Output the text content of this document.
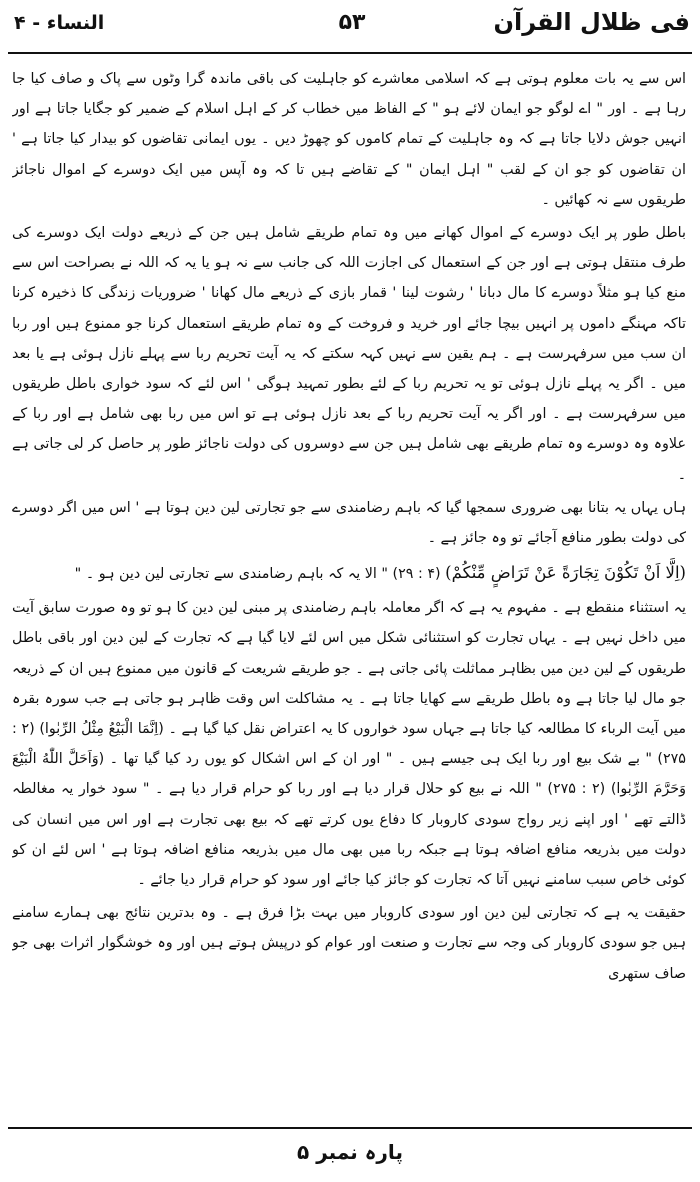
فی ظلال القرآن
۵۳
النساء - ۴

اس سے یہ بات معلوم ہوتی ہے کہ اسلامی معاشرے کو جاہلیت کی باقی ماندہ گرا وٹوں سے پاک و صاف کیا جا رہا ہے ۔ اور " اے لوگو جو ایمان لائے ہو " کے الفاظ میں خطاب کر کے اہل اسلام کے ضمیر کو جگایا جاتا ہے اور انہیں جوش دلایا جاتا ہے کہ وہ جاہلیت کے تمام کاموں کو چھوڑ دیں ۔ یوں ایمانی تقاضوں کو بیدار کیا جاتا ہے ' ان تقاضوں کو جو ان کے لقب " اہل ایمان " کے تقاضے ہیں تا کہ وہ آپس میں ایک دوسرے کے اموال ناجائز طریقوں سے نہ کھائیں ۔

باطل طور پر ایک دوسرے کے اموال کھانے میں وہ تمام طریقے شامل ہیں جن کے ذریعے دولت ایک دوسرے کی طرف منتقل ہوتی ہے اور جن کے استعمال کی اجازت اللہ کی جانب سے نہ ہو یا یہ کہ اللہ نے بصراحت اس سے منع کیا ہو مثلاً دوسرے کا مال دبانا ' رشوت لینا ' قمار بازی کے ذریعے مال کھانا ' ضروریات زندگی کا ذخیرہ کرنا تاکہ مہنگے داموں پر انہیں بیچا جائے اور خرید و فروخت کے وہ تمام طریقے استعمال کرنا جو ممنوع ہیں اور ربا ان سب میں سرفہرست ہے ۔ ہم یقین سے نہیں کہہ سکتے کہ یہ آیت تحریم ربا سے پہلے نازل ہوئی ہے یا بعد میں ۔ اگر یہ پہلے نازل ہوئی تو یہ تحریم ربا کے لئے بطور تمہید ہوگی ' اس لئے کہ سود خواری باطل طریقوں میں سرفہرست ہے ۔ اور اگر یہ آیت تحریم ربا کے بعد نازل ہوئی ہے تو اس میں ربا بھی شامل ہے اور ربا کے علاوہ وہ دوسرے وہ تمام طریقے بھی شامل ہیں جن سے دوسروں کی دولت ناجائز طور پر حاصل کر لی جاتی ہے ۔

ہاں یہاں یہ بتانا بھی ضروری سمجھا گیا کہ باہم رضامندی سے جو تجارتی لین دین ہوتا ہے ' اس میں اگر دوسرے کی دولت بطور منافع آجائے تو وہ جائز ہے ۔

(اِلَّا اَنْ تَكُوْنَ تِجَارَةً عَنْ تَرَاضٍ مِّنْكُمْ) (۴ : ۲۹) " الا یہ کہ باہم رضامندی سے تجارتی لین دین ہو ۔ "

یہ استثناء منقطع ہے ۔ مفہوم یہ ہے کہ اگر معاملہ باہم رضامندی پر مبنی لین دین کا ہو تو وہ صورت سابق آیت میں داخل نہیں ہے ۔ یہاں تجارت کو استثنائی شکل میں اس لئے لایا گیا ہے کہ تجارت کے لین دین اور باقی باطل طریقوں کے لین دین میں بظاہر مماثلت پائی جاتی ہے ۔ جو طریقے شریعت کے قانون میں ممنوع ہیں ان کے ذریعہ جو مال لیا جاتا ہے وہ باطل طریقے سے کھایا جاتا ہے ۔ یہ مشاکلت اس وقت ظاہر ہو جاتی ہے جب سورہ بقرہ میں آیت الرباء کا مطالعہ کیا جاتا ہے جہاں سود خواروں کا یہ اعتراض نقل کیا گیا ہے ۔ (اِنَّمَا الْبَيْعُ مِثْلُ الرِّبٰوا) (۲ : ۲۷۵) " بے شک بیع اور ربا ایک ہی جیسے ہیں ۔ " اور ان کے اس اشکال کو یوں رد کیا گیا تھا ۔ (وَاَحَلَّ اللّٰهُ الْبَيْعَ وَحَرَّمَ الرِّبٰوا) (۲ : ۲۷۵) " اللہ نے بیع کو حلال قرار دیا ہے اور ربا کو حرام قرار دیا ہے ۔ " سود خوار یہ مغالطہ ڈالتے تھے ' اور اپنے زیر رواج سودی کاروبار کا دفاع یوں کرتے تھے کہ بیع بھی تجارت ہے اور اس میں انسان کی دولت میں بذریعہ منافع اضافہ ہوتا ہے جبکہ ربا میں بھی مال میں بذریعہ منافع اضافہ ہوتا ہے ' اس لئے ان کو کوئی خاص سبب سامنے نہیں آتا کہ تجارت کو جائز کیا جائے اور سود کو حرام قرار دیا جائے ۔

حقیقت یہ ہے کہ تجارتی لین دین اور سودی کاروبار میں بہت بڑا فرق ہے ۔ وہ بدترین نتائج بھی ہمارے سامنے ہیں جو سودی کاروبار کی وجہ سے تجارت و صنعت اور عوام کو درپیش ہوتے ہیں اور وہ خوشگوار اثرات بھی جو صاف ستھری

پارہ نمبر ۵
